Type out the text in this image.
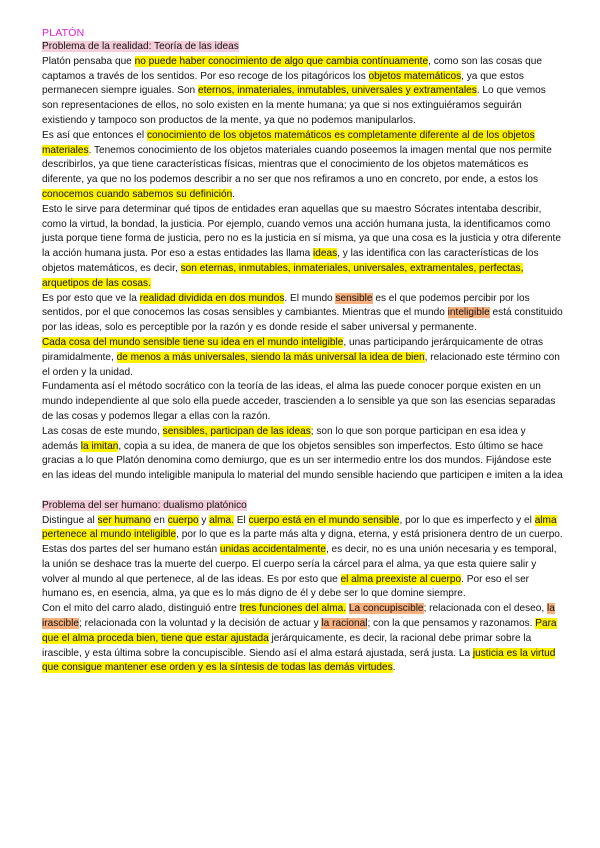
PLATÓN
Problema de la realidad: Teoría de las ideas

Platón pensaba que no puede haber conocimiento de algo que cambia contínuamente, como son las cosas que captamos a través de los sentidos. Por eso recoge de los pitagóricos los objetos matemáticos, ya que estos permanecen siempre iguales. Son eternos, inmateriales, inmutables, universales y extramentales. Lo que vemos son representaciones de ellos, no solo existen en la mente humana; ya que si nos extinguiéramos seguirán existiendo y tampoco son productos de la mente, ya que no podemos manipularlos.

Es así que entonces el conocimiento de los objetos matemáticos es completamente diferente al de los objetos materiales. Tenemos conocimiento de los objetos materiales cuando poseemos la imagen mental que nos permite describirlos, ya que tiene características físicas, mientras que el conocimiento de los objetos matemáticos es diferente, ya que no los podemos describir a no ser que nos refiramos a uno en concreto, por ende, a estos los conocemos cuando sabemos su definición.

Esto le sirve para determinar qué tipos de entidades eran aquellas que su maestro Sócrates intentaba describir, como la virtud, la bondad, la justicia. Por ejemplo, cuando vemos una acción humana justa, la identificamos como justa porque tiene forma de justicia, pero no es la justicia en sí misma, ya que una cosa es la justicia y otra diferente la acción humana justa. Por eso a estas entidades las llama ideas, y las identifica con las características de los objetos matemáticos, es decir, son eternas, inmutables, inmateriales, universales, extramentales, perfectas, arquetipos de las cosas.

Es por esto que ve la realidad dividida en dos mundos. El mundo sensible es el que podemos percibir por los sentidos, por el que conocemos las cosas sensibles y cambiantes. Mientras que el mundo inteligible está constituido por las ideas, solo es perceptible por la razón y es donde reside el saber universal y permanente.

Cada cosa del mundo sensible tiene su idea en el mundo inteligible, unas participando jerárquicamente de otras piramidalmente, de menos a más universales, siendo la más universal la idea de bien, relacionado este término con el orden y la unidad.

Fundamenta así el método socrático con la teoría de las ideas, el alma las puede conocer porque existen en un mundo independiente al que solo ella puede acceder, trascienden a lo sensible ya que son las esencias separadas de las cosas y podemos llegar a ellas con la razón.

Las cosas de este mundo, sensibles, participan de las ideas; son lo que son porque participan en esa idea y además la imitan, copia a su idea, de manera de que los objetos sensibles son imperfectos. Esto último se hace gracias a lo que Platón denomina como demiurgo, que es un ser intermedio entre los dos mundos. Fijándose este en las ideas del mundo inteligible manipula lo material del mundo sensible haciendo que participen e imiten a la idea

Problema del ser humano: dualismo platónico

Distingue al ser humano en cuerpo y alma. El cuerpo está en el mundo sensible, por lo que es imperfecto y el alma pertenece al mundo inteligible, por lo que es la parte más alta y digna, eterna, y está prisionera dentro de un cuerpo. Estas dos partes del ser humano están unidas accidentalmente, es decir, no es una unión necesaria y es temporal, la unión se deshace tras la muerte del cuerpo. El cuerpo sería la cárcel para el alma, ya que esta quiere salir y volver al mundo al que pertenece, al de las ideas. Es por esto que el alma preexiste al cuerpo. Por eso el ser humano es, en esencia, alma, ya que es lo más digno de él y debe ser lo que domine siempre.

Con el mito del carro alado, distinguió entre tres funciones del alma. La concupiscible; relacionada con el deseo, la irascible; relacionada con la voluntad y la decisión de actuar y la racional; con la que pensamos y razonamos. Para que el alma proceda bien, tiene que estar ajustada jerárquicamente, es decir, la racional debe primar sobre la irascible, y esta última sobre la concupiscible. Siendo así el alma estará ajustada, será justa. La justicia es la virtud que consigue mantener ese orden y es la síntesis de todas las demás virtudes.
